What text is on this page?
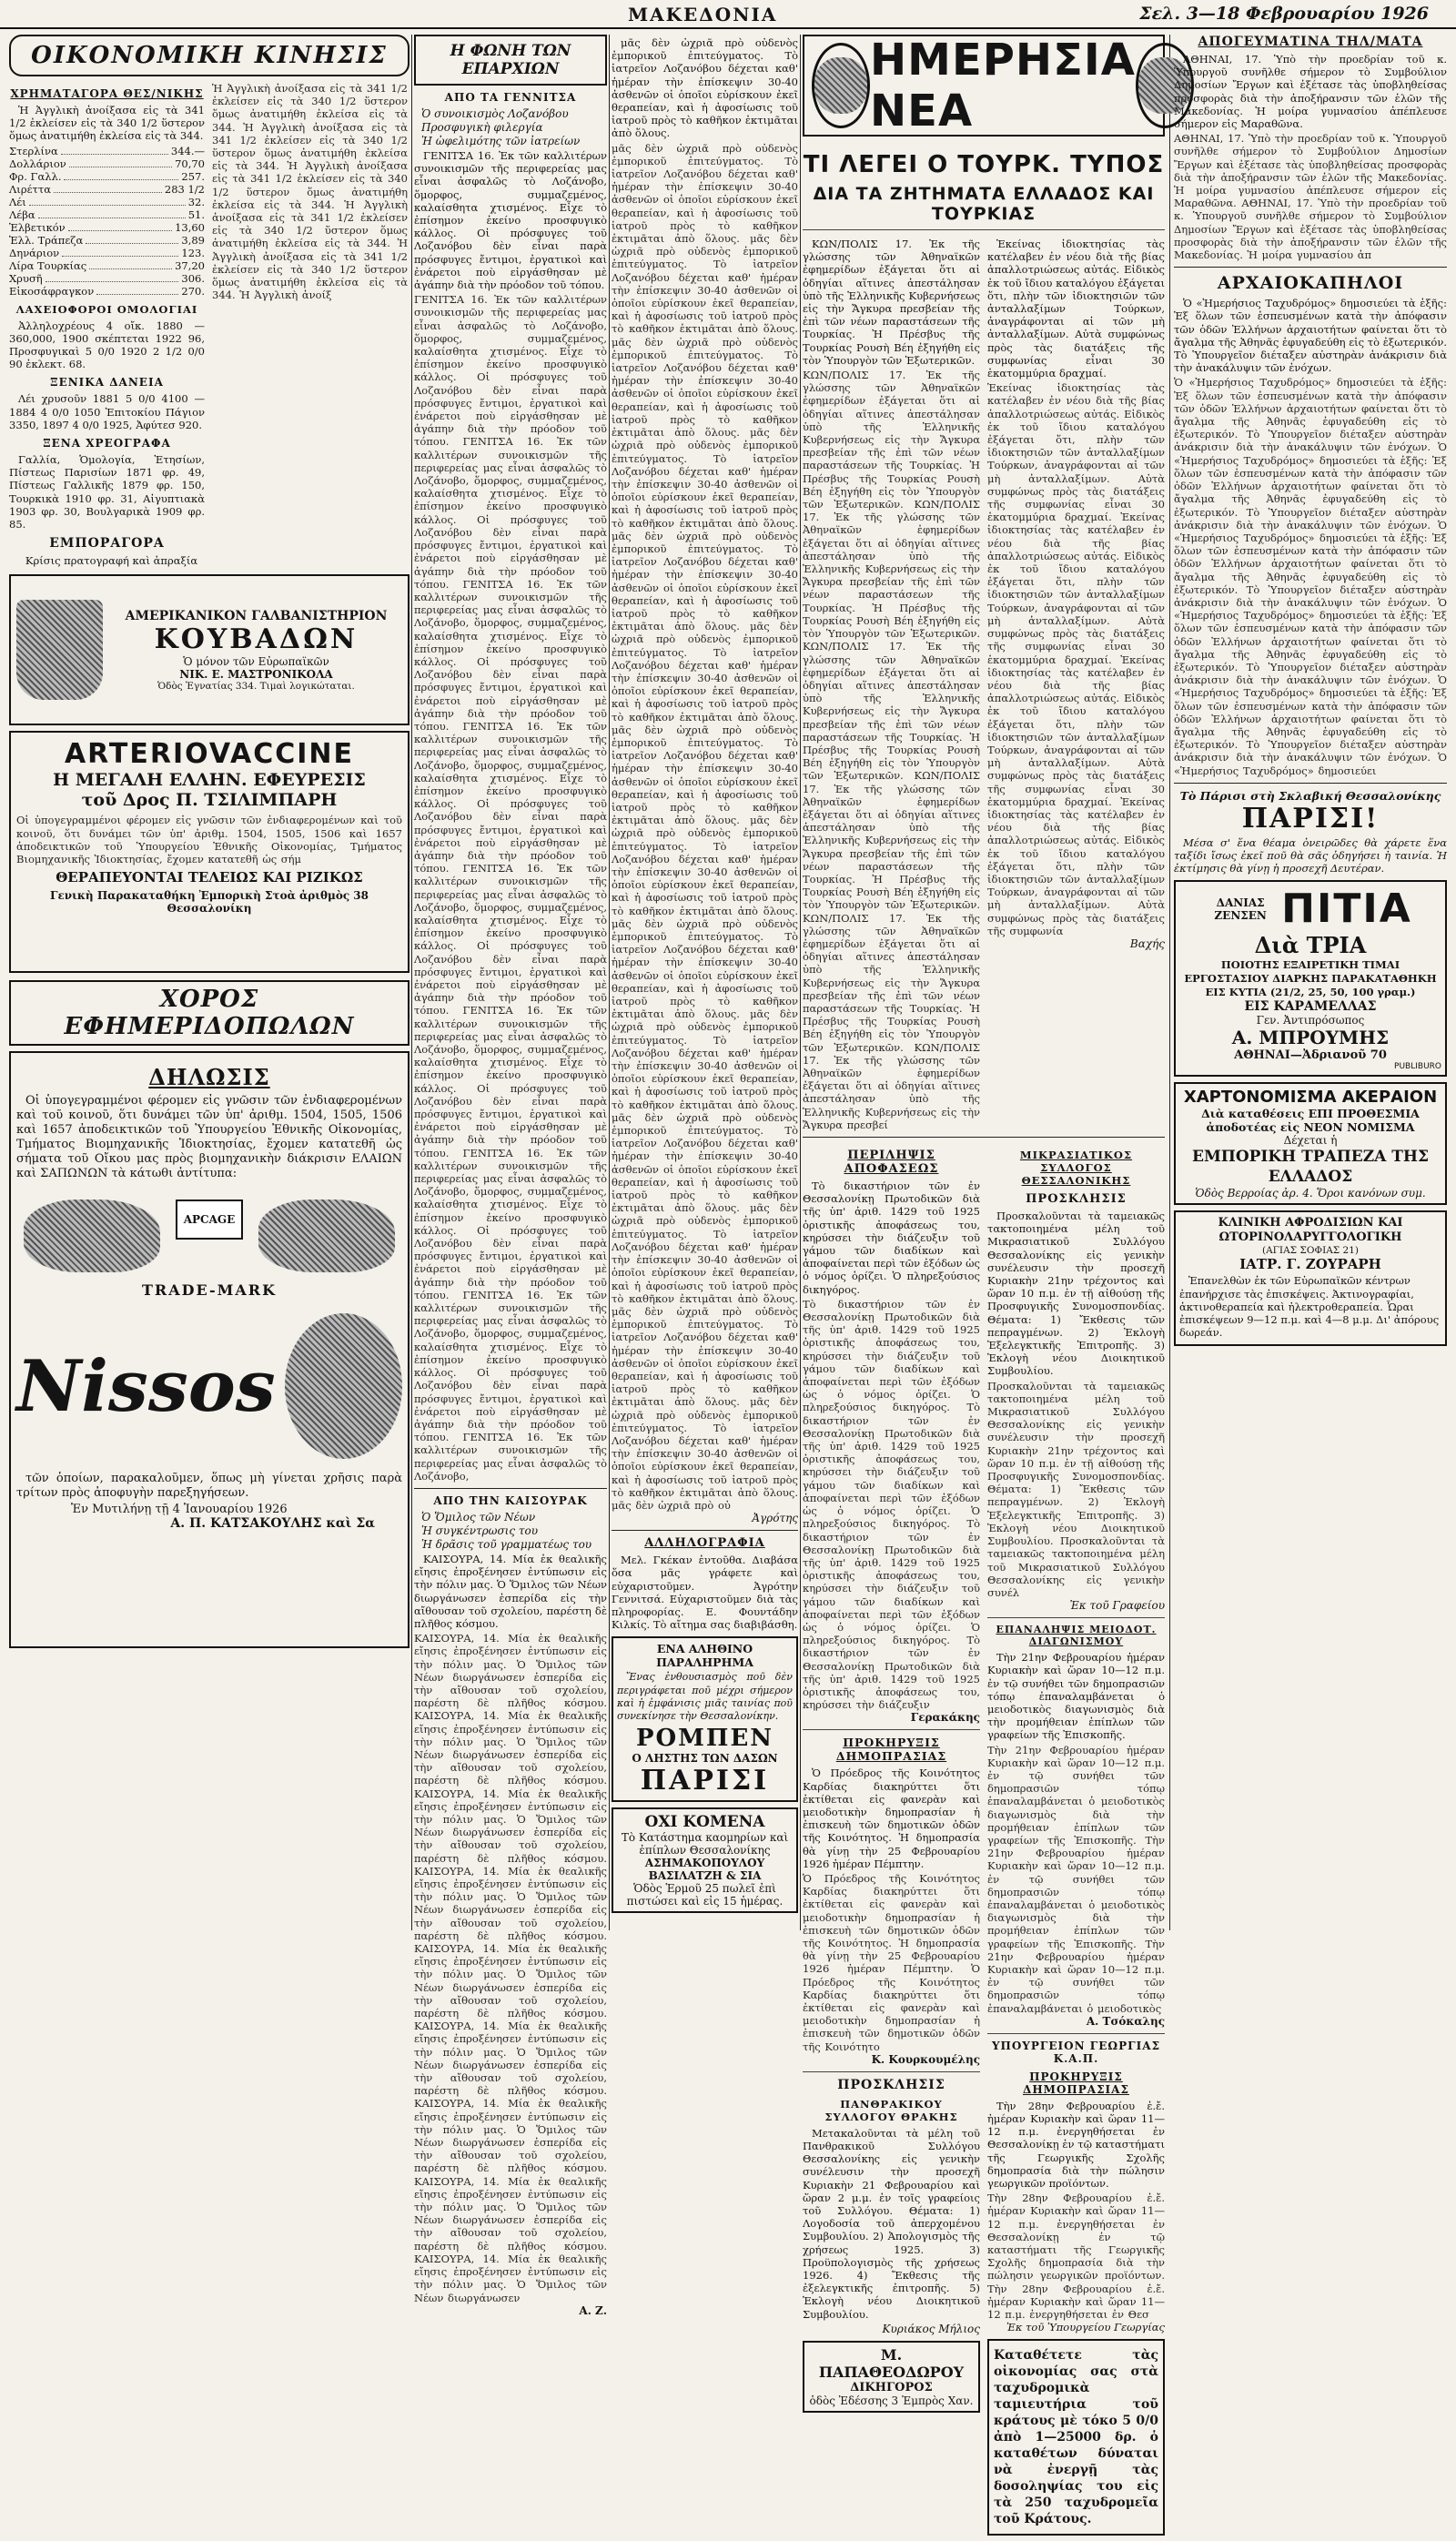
ΜΑΚΕΔΟΝΙΑ	Σελ. 3—18 Φεβρουαρίου 1926
ΟΙΚΟΝΟΜΙΚΗ ΚΙΝΗΣΙΣ
ΧΡΗΜΑΤΑΓΟΡΑ ΘΕΣ/ΝΙΚΗΣ

Ἡ Ἀγγλικὴ ἀνοίξασα εἰς τὰ 341 1/2 ἐκλείσεν εἰς τὰ 340 1/2 ὕστερον ὅμως ἀνατιμήθη ἐκλείσα εἰς τὰ 344.

Στερλίνα	344.—
Δολλάριον	70,70
Φρ. Γαλλ.	257.
Λιρέττα	283 1/2
Λέι	32.
Λέβα	51.
Ἐλβετικόν	13,60
Ἑλλ. Τράπεζα	3,89
Δηνάριον	123.
Λίρα Τουρκίας	37,20
Χρυσῆ	306.
Εἰκοσάφραγκον	270.
ΛΑΧΕΙΟΦΟΡΟΙ ΟΜΟΛΟΓΙΑΙ

Ἀλληλοχρέους 4 οἴκ. 1880 — 360,000, 1900 σκέπτεται 1922 96, Προσφυγικαὶ 5 0/0 1920 2 1/2 0/0 90 ἐκλεκτ. 68.

ΞΕΝΙΚΑ ΔΑΝΕΙΑ

Λέι χρυσοῦν 1881 5 0/0 4100 — 1884 4 0/0 1050 Ἐπιτοκίου Πάγιον 3350, 1897 4 0/0 1925, Ἀφύτεσ 920.

ΞΕΝΑ ΧΡΕΟΓΡΑΦΑ

Γαλλία, Ὁμολογία, Ἐτησίων, Πίστεως Παρισίων 1871 φρ. 49, Πίστεως Γαλλικῆς 1879 φρ. 150, Τουρκικὰ 1910 φρ. 31, Αἰγυπτιακὰ 1903 φρ. 30, Βουλγαρικὰ 1909 φρ. 85.

ΕΜΠΟΡΑΓΟΡΑ

Κρίσις πρατογραφή καὶ ἀπραξία

Ἡ Ἀγγλικὴ ἀνοίξασα εἰς τὰ 341 1/2 ἐκλείσεν εἰς τὰ 340 1/2 ὕστερον ὅμως ἀνατιμήθη ἐκλείσα εἰς τὰ 344. Ἡ Ἀγγλικὴ ἀνοίξασα εἰς τὰ 341 1/2 ἐκλείσεν εἰς τὰ 340 1/2 ὕστερον ὅμως ἀνατιμήθη ἐκλείσα εἰς τὰ 344. Ἡ Ἀγγλικὴ ἀνοίξασα εἰς τὰ 341 1/2 ἐκλείσεν εἰς τὰ 340 1/2 ὕστερον ὅμως ἀνατιμήθη ἐκλείσα εἰς τὰ 344. Ἡ Ἀγγλικὴ ἀνοίξασα εἰς τὰ 341 1/2 ἐκλείσεν εἰς τὰ 340 1/2 ὕστερον ὅμως ἀνατιμήθη ἐκλείσα εἰς τὰ 344. Ἡ Ἀγγλικὴ ἀνοίξασα εἰς τὰ 341 1/2 ἐκλείσεν εἰς τὰ 340 1/2 ὕστερον ὅμως ἀνατιμήθη ἐκλείσα εἰς τὰ 344. Ἡ Ἀγγλικὴ ἀνοίξ

ΑΜΕΡΙΚΑΝΙΚΟΝ ΓΑΛΒΑΝΙΣΤΗΡΙΟΝ
ΚΟΥΒΑΔΩΝ
Ὁ μόνον τῶν Εὐρωπαϊκῶν
ΝΙΚ. Ε. ΜΑΣΤΡΟΝΙΚΟΛΑ
Ὁδὸς Ἐγνατίας 334. Τιμαὶ λογικώταται.
ARTERIOVACCINE
Η ΜΕΓΑΛΗ ΕΛΛΗΝ. ΕΦΕΥΡΕΣΙΣ
τοῦ Δρος Π. ΤΣΙΛΙΜΠΑΡΗ

Οἱ ὑπογεγραμμένοι φέρομεν εἰς γνῶσιν τῶν ἐνδιαφερομένων καὶ τοῦ κοινοῦ, ὅτι δυνάμει τῶν ὑπ' ἀριθμ. 1504, 1505, 1506 καὶ 1657 ἀποδεικτικῶν τοῦ Ὑπουργείου Ἐθνικῆς Οἰκονομίας, Τμήματος Βιομηχανικῆς Ἰδιοκτησίας, ἔχομεν κατατεθῆ ὡς σήμ

ΘΕΡΑΠΕΥΟΝΤΑΙ ΤΕΛΕΙΩΣ ΚΑΙ ΡΙΖΙΚΩΣ
Γενικὴ Παρακαταθήκη Ἐμπορικὴ Στοὰ ἀριθμὸς 38 Θεσσαλονίκη
ΧΟΡΟΣ ΕΦΗΜΕΡΙΔΟΠΩΛΩΝ
ΔΗΛΩΣΙΣ

Οἱ ὑπογεγραμμένοι φέρομεν εἰς γνῶσιν τῶν ἐνδιαφερομένων καὶ τοῦ κοινοῦ, ὅτι δυνάμει τῶν ὑπ' ἀριθμ. 1504, 1505, 1506 καὶ 1657 ἀποδεικτικῶν τοῦ Ὑπουργείου Ἐθνικῆς Οἰκονομίας, Τμήματος Βιομηχανικῆς Ἰδιοκτησίας, ἔχομεν κατατεθῆ ὡς σήματα τοῦ Οἴκου μας πρὸς βιομηχανικὴν διάκρισιν ΕΛΑΙΩΝ καὶ ΣΑΠΩΝΩΝ τὰ κάτωθι ἀντίτυπα:

APCAGE
TRADE-MARK
Nissos

τῶν ὁποίων, παρακαλοῦμεν, ὅπως μὴ γίνεται χρῆσις παρὰ τρίτων πρὸς ἀποφυγὴν παρεξηγήσεων.

Ἐν Μυτιλήνῃ τῇ 4 Ἰανουαρίου 1926
Α. Π. ΚΑΤΣΑΚΟΥΛΗΣ καὶ Σα
Η ΦΩΝΗ ΤΩΝ ΕΠΑΡΧΙΩΝ
ΑΠΟ ΤΑ ΓΕΝΝΙΤΣΑ
Ὁ συνοικισμὸς Λοζανόβου
Προσφυγικὴ φιλεργία
Ἡ ὠφελιμότης τῶν ἰατρείων

ΓΕΝΙΤΣΑ 16. Ἐκ τῶν καλλιτέρων συνοικισμῶν τῆς περιφερείας μας εἶναι ἀσφαλῶς τὸ Λοζάνοβο, ὅμορφος, συμμαζεμένος, καλαίσθητα χτισμένος. Εἶχε τὸ ἐπίσημον ἐκείνο προσφυγικὸ κάλλος. Οἱ πρόσφυγες τοῦ Λοζανόβου δὲν εἶναι παρὰ πρόσφυγες ἔντιμοι, ἐργατικοὶ καὶ ἐνάρετοι ποὺ εἰργάσθησαν μὲ ἀγάπην διὰ τὴν πρόοδον τοῦ τόπου.

ΓΕΝΙΤΣΑ 16. Ἐκ τῶν καλλιτέρων συνοικισμῶν τῆς περιφερείας μας εἶναι ἀσφαλῶς τὸ Λοζάνοβο, ὅμορφος, συμμαζεμένος, καλαίσθητα χτισμένος. Εἶχε τὸ ἐπίσημον ἐκείνο προσφυγικὸ κάλλος. Οἱ πρόσφυγες τοῦ Λοζανόβου δὲν εἶναι παρὰ πρόσφυγες ἔντιμοι, ἐργατικοὶ καὶ ἐνάρετοι ποὺ εἰργάσθησαν μὲ ἀγάπην διὰ τὴν πρόοδον τοῦ τόπου. ΓΕΝΙΤΣΑ 16. Ἐκ τῶν καλλιτέρων συνοικισμῶν τῆς περιφερείας μας εἶναι ἀσφαλῶς τὸ Λοζάνοβο, ὅμορφος, συμμαζεμένος, καλαίσθητα χτισμένος. Εἶχε τὸ ἐπίσημον ἐκείνο προσφυγικὸ κάλλος. Οἱ πρόσφυγες τοῦ Λοζανόβου δὲν εἶναι παρὰ πρόσφυγες ἔντιμοι, ἐργατικοὶ καὶ ἐνάρετοι ποὺ εἰργάσθησαν μὲ ἀγάπην διὰ τὴν πρόοδον τοῦ τόπου. ΓΕΝΙΤΣΑ 16. Ἐκ τῶν καλλιτέρων συνοικισμῶν τῆς περιφερείας μας εἶναι ἀσφαλῶς τὸ Λοζάνοβο, ὅμορφος, συμμαζεμένος, καλαίσθητα χτισμένος. Εἶχε τὸ ἐπίσημον ἐκείνο προσφυγικὸ κάλλος. Οἱ πρόσφυγες τοῦ Λοζανόβου δὲν εἶναι παρὰ πρόσφυγες ἔντιμοι, ἐργατικοὶ καὶ ἐνάρετοι ποὺ εἰργάσθησαν μὲ ἀγάπην διὰ τὴν πρόοδον τοῦ τόπου. ΓΕΝΙΤΣΑ 16. Ἐκ τῶν καλλιτέρων συνοικισμῶν τῆς περιφερείας μας εἶναι ἀσφαλῶς τὸ Λοζάνοβο, ὅμορφος, συμμαζεμένος, καλαίσθητα χτισμένος. Εἶχε τὸ ἐπίσημον ἐκείνο προσφυγικὸ κάλλος. Οἱ πρόσφυγες τοῦ Λοζανόβου δὲν εἶναι παρὰ πρόσφυγες ἔντιμοι, ἐργατικοὶ καὶ ἐνάρετοι ποὺ εἰργάσθησαν μὲ ἀγάπην διὰ τὴν πρόοδον τοῦ τόπου. ΓΕΝΙΤΣΑ 16. Ἐκ τῶν καλλιτέρων συνοικισμῶν τῆς περιφερείας μας εἶναι ἀσφαλῶς τὸ Λοζάνοβο, ὅμορφος, συμμαζεμένος, καλαίσθητα χτισμένος. Εἶχε τὸ ἐπίσημον ἐκείνο προσφυγικὸ κάλλος. Οἱ πρόσφυγες τοῦ Λοζανόβου δὲν εἶναι παρὰ πρόσφυγες ἔντιμοι, ἐργατικοὶ καὶ ἐνάρετοι ποὺ εἰργάσθησαν μὲ ἀγάπην διὰ τὴν πρόοδον τοῦ τόπου. ΓΕΝΙΤΣΑ 16. Ἐκ τῶν καλλιτέρων συνοικισμῶν τῆς περιφερείας μας εἶναι ἀσφαλῶς τὸ Λοζάνοβο, ὅμορφος, συμμαζεμένος, καλαίσθητα χτισμένος. Εἶχε τὸ ἐπίσημον ἐκείνο προσφυγικὸ κάλλος. Οἱ πρόσφυγες τοῦ Λοζανόβου δὲν εἶναι παρὰ πρόσφυγες ἔντιμοι, ἐργατικοὶ καὶ ἐνάρετοι ποὺ εἰργάσθησαν μὲ ἀγάπην διὰ τὴν πρόοδον τοῦ τόπου. ΓΕΝΙΤΣΑ 16. Ἐκ τῶν καλλιτέρων συνοικισμῶν τῆς περιφερείας μας εἶναι ἀσφαλῶς τὸ Λοζάνοβο, ὅμορφος, συμμαζεμένος, καλαίσθητα χτισμένος. Εἶχε τὸ ἐπίσημον ἐκείνο προσφυγικὸ κάλλος. Οἱ πρόσφυγες τοῦ Λοζανόβου δὲν εἶναι παρὰ πρόσφυγες ἔντιμοι, ἐργατικοὶ καὶ ἐνάρετοι ποὺ εἰργάσθησαν μὲ ἀγάπην διὰ τὴν πρόοδον τοῦ τόπου. ΓΕΝΙΤΣΑ 16. Ἐκ τῶν καλλιτέρων συνοικισμῶν τῆς περιφερείας μας εἶναι ἀσφαλῶς τὸ Λοζάνοβο, ὅμορφος, συμμαζεμένος, καλαίσθητα χτισμένος. Εἶχε τὸ ἐπίσημον ἐκείνο προσφυγικὸ κάλλος. Οἱ πρόσφυγες τοῦ Λοζανόβου δὲν εἶναι παρὰ πρόσφυγες ἔντιμοι, ἐργατικοὶ καὶ ἐνάρετοι ποὺ εἰργάσθησαν μὲ ἀγάπην διὰ τὴν πρόοδον τοῦ τόπου. ΓΕΝΙΤΣΑ 16. Ἐκ τῶν καλλιτέρων συνοικισμῶν τῆς περιφερείας μας εἶναι ἀσφαλῶς τὸ Λοζάνοβο,

ΑΠΟ ΤΗΝ ΚΑΙΣΟΥΡΑΚ
Ὁ Ὅμιλος τῶν Νέων
Ἡ συγκέντρωσις του
Ἡ δρᾶσις τοῦ γραμματέως του

ΚΑΙΣΟΥΡΑ, 14. Μία ἐκ θεαλικῆς εἴησις ἐπροξένησεν ἐντύπωσιν εἰς τὴν πόλιν μας. Ὁ Ὅμιλος τῶν Νέων διωργάνωσεν ἐσπερίδα εἰς τὴν αἴθουσαν τοῦ σχολείου, παρέστη δὲ πλῆθος κόσμου.

ΚΑΙΣΟΥΡΑ, 14. Μία ἐκ θεαλικῆς εἴησις ἐπροξένησεν ἐντύπωσιν εἰς τὴν πόλιν μας. Ὁ Ὅμιλος τῶν Νέων διωργάνωσεν ἐσπερίδα εἰς τὴν αἴθουσαν τοῦ σχολείου, παρέστη δὲ πλῆθος κόσμου. ΚΑΙΣΟΥΡΑ, 14. Μία ἐκ θεαλικῆς εἴησις ἐπροξένησεν ἐντύπωσιν εἰς τὴν πόλιν μας. Ὁ Ὅμιλος τῶν Νέων διωργάνωσεν ἐσπερίδα εἰς τὴν αἴθουσαν τοῦ σχολείου, παρέστη δὲ πλῆθος κόσμου. ΚΑΙΣΟΥΡΑ, 14. Μία ἐκ θεαλικῆς εἴησις ἐπροξένησεν ἐντύπωσιν εἰς τὴν πόλιν μας. Ὁ Ὅμιλος τῶν Νέων διωργάνωσεν ἐσπερίδα εἰς τὴν αἴθουσαν τοῦ σχολείου, παρέστη δὲ πλῆθος κόσμου. ΚΑΙΣΟΥΡΑ, 14. Μία ἐκ θεαλικῆς εἴησις ἐπροξένησεν ἐντύπωσιν εἰς τὴν πόλιν μας. Ὁ Ὅμιλος τῶν Νέων διωργάνωσεν ἐσπερίδα εἰς τὴν αἴθουσαν τοῦ σχολείου, παρέστη δὲ πλῆθος κόσμου. ΚΑΙΣΟΥΡΑ, 14. Μία ἐκ θεαλικῆς εἴησις ἐπροξένησεν ἐντύπωσιν εἰς τὴν πόλιν μας. Ὁ Ὅμιλος τῶν Νέων διωργάνωσεν ἐσπερίδα εἰς τὴν αἴθουσαν τοῦ σχολείου, παρέστη δὲ πλῆθος κόσμου. ΚΑΙΣΟΥΡΑ, 14. Μία ἐκ θεαλικῆς εἴησις ἐπροξένησεν ἐντύπωσιν εἰς τὴν πόλιν μας. Ὁ Ὅμιλος τῶν Νέων διωργάνωσεν ἐσπερίδα εἰς τὴν αἴθουσαν τοῦ σχολείου, παρέστη δὲ πλῆθος κόσμου. ΚΑΙΣΟΥΡΑ, 14. Μία ἐκ θεαλικῆς εἴησις ἐπροξένησεν ἐντύπωσιν εἰς τὴν πόλιν μας. Ὁ Ὅμιλος τῶν Νέων διωργάνωσεν ἐσπερίδα εἰς τὴν αἴθουσαν τοῦ σχολείου, παρέστη δὲ πλῆθος κόσμου. ΚΑΙΣΟΥΡΑ, 14. Μία ἐκ θεαλικῆς εἴησις ἐπροξένησεν ἐντύπωσιν εἰς τὴν πόλιν μας. Ὁ Ὅμιλος τῶν Νέων διωργάνωσεν ἐσπερίδα εἰς τὴν αἴθουσαν τοῦ σχολείου, παρέστη δὲ πλῆθος κόσμου. ΚΑΙΣΟΥΡΑ, 14. Μία ἐκ θεαλικῆς εἴησις ἐπροξένησεν ἐντύπωσιν εἰς τὴν πόλιν μας. Ὁ Ὅμιλος τῶν Νέων διωργάνωσεν

Α. Ζ.

μᾶς δὲν ὠχριᾶ πρὸ οὐδενὸς ἐμπορικοῦ ἐπιτεύγματος. Τὸ ἰατρεῖον Λοζανόβου δέχεται καθ' ἡμέραν τὴν ἐπίσκεψιν 30-40 ἀσθενῶν οἱ ὁποῖοι εὑρίσκουν ἐκεῖ θεραπείαν, καὶ ἡ ἀφοσίωσις τοῦ ἰατροῦ πρὸς τὸ καθῆκον ἐκτιμᾶται ἀπὸ ὅλους.

μᾶς δὲν ὠχριᾶ πρὸ οὐδενὸς ἐμπορικοῦ ἐπιτεύγματος. Τὸ ἰατρεῖον Λοζανόβου δέχεται καθ' ἡμέραν τὴν ἐπίσκεψιν 30-40 ἀσθενῶν οἱ ὁποῖοι εὑρίσκουν ἐκεῖ θεραπείαν, καὶ ἡ ἀφοσίωσις τοῦ ἰατροῦ πρὸς τὸ καθῆκον ἐκτιμᾶται ἀπὸ ὅλους. μᾶς δὲν ὠχριᾶ πρὸ οὐδενὸς ἐμπορικοῦ ἐπιτεύγματος. Τὸ ἰατρεῖον Λοζανόβου δέχεται καθ' ἡμέραν τὴν ἐπίσκεψιν 30-40 ἀσθενῶν οἱ ὁποῖοι εὑρίσκουν ἐκεῖ θεραπείαν, καὶ ἡ ἀφοσίωσις τοῦ ἰατροῦ πρὸς τὸ καθῆκον ἐκτιμᾶται ἀπὸ ὅλους. μᾶς δὲν ὠχριᾶ πρὸ οὐδενὸς ἐμπορικοῦ ἐπιτεύγματος. Τὸ ἰατρεῖον Λοζανόβου δέχεται καθ' ἡμέραν τὴν ἐπίσκεψιν 30-40 ἀσθενῶν οἱ ὁποῖοι εὑρίσκουν ἐκεῖ θεραπείαν, καὶ ἡ ἀφοσίωσις τοῦ ἰατροῦ πρὸς τὸ καθῆκον ἐκτιμᾶται ἀπὸ ὅλους. μᾶς δὲν ὠχριᾶ πρὸ οὐδενὸς ἐμπορικοῦ ἐπιτεύγματος. Τὸ ἰατρεῖον Λοζανόβου δέχεται καθ' ἡμέραν τὴν ἐπίσκεψιν 30-40 ἀσθενῶν οἱ ὁποῖοι εὑρίσκουν ἐκεῖ θεραπείαν, καὶ ἡ ἀφοσίωσις τοῦ ἰατροῦ πρὸς τὸ καθῆκον ἐκτιμᾶται ἀπὸ ὅλους. μᾶς δὲν ὠχριᾶ πρὸ οὐδενὸς ἐμπορικοῦ ἐπιτεύγματος. Τὸ ἰατρεῖον Λοζανόβου δέχεται καθ' ἡμέραν τὴν ἐπίσκεψιν 30-40 ἀσθενῶν οἱ ὁποῖοι εὑρίσκουν ἐκεῖ θεραπείαν, καὶ ἡ ἀφοσίωσις τοῦ ἰατροῦ πρὸς τὸ καθῆκον ἐκτιμᾶται ἀπὸ ὅλους. μᾶς δὲν ὠχριᾶ πρὸ οὐδενὸς ἐμπορικοῦ ἐπιτεύγματος. Τὸ ἰατρεῖον Λοζανόβου δέχεται καθ' ἡμέραν τὴν ἐπίσκεψιν 30-40 ἀσθενῶν οἱ ὁποῖοι εὑρίσκουν ἐκεῖ θεραπείαν, καὶ ἡ ἀφοσίωσις τοῦ ἰατροῦ πρὸς τὸ καθῆκον ἐκτιμᾶται ἀπὸ ὅλους. μᾶς δὲν ὠχριᾶ πρὸ οὐδενὸς ἐμπορικοῦ ἐπιτεύγματος. Τὸ ἰατρεῖον Λοζανόβου δέχεται καθ' ἡμέραν τὴν ἐπίσκεψιν 30-40 ἀσθενῶν οἱ ὁποῖοι εὑρίσκουν ἐκεῖ θεραπείαν, καὶ ἡ ἀφοσίωσις τοῦ ἰατροῦ πρὸς τὸ καθῆκον ἐκτιμᾶται ἀπὸ ὅλους. μᾶς δὲν ὠχριᾶ πρὸ οὐδενὸς ἐμπορικοῦ ἐπιτεύγματος. Τὸ ἰατρεῖον Λοζανόβου δέχεται καθ' ἡμέραν τὴν ἐπίσκεψιν 30-40 ἀσθενῶν οἱ ὁποῖοι εὑρίσκουν ἐκεῖ θεραπείαν, καὶ ἡ ἀφοσίωσις τοῦ ἰατροῦ πρὸς τὸ καθῆκον ἐκτιμᾶται ἀπὸ ὅλους. μᾶς δὲν ὠχριᾶ πρὸ οὐδενὸς ἐμπορικοῦ ἐπιτεύγματος. Τὸ ἰατρεῖον Λοζανόβου δέχεται καθ' ἡμέραν τὴν ἐπίσκεψιν 30-40 ἀσθενῶν οἱ ὁποῖοι εὑρίσκουν ἐκεῖ θεραπείαν, καὶ ἡ ἀφοσίωσις τοῦ ἰατροῦ πρὸς τὸ καθῆκον ἐκτιμᾶται ἀπὸ ὅλους. μᾶς δὲν ὠχριᾶ πρὸ οὐδενὸς ἐμπορικοῦ ἐπιτεύγματος. Τὸ ἰατρεῖον Λοζανόβου δέχεται καθ' ἡμέραν τὴν ἐπίσκεψιν 30-40 ἀσθενῶν οἱ ὁποῖοι εὑρίσκουν ἐκεῖ θεραπείαν, καὶ ἡ ἀφοσίωσις τοῦ ἰατροῦ πρὸς τὸ καθῆκον ἐκτιμᾶται ἀπὸ ὅλους. μᾶς δὲν ὠχριᾶ πρὸ οὐδενὸς ἐμπορικοῦ ἐπιτεύγματος. Τὸ ἰατρεῖον Λοζανόβου δέχεται καθ' ἡμέραν τὴν ἐπίσκεψιν 30-40 ἀσθενῶν οἱ ὁποῖοι εὑρίσκουν ἐκεῖ θεραπείαν, καὶ ἡ ἀφοσίωσις τοῦ ἰατροῦ πρὸς τὸ καθῆκον ἐκτιμᾶται ἀπὸ ὅλους. μᾶς δὲν ὠχριᾶ πρὸ οὐδενὸς ἐμπορικοῦ ἐπιτεύγματος. Τὸ ἰατρεῖον Λοζανόβου δέχεται καθ' ἡμέραν τὴν ἐπίσκεψιν 30-40 ἀσθενῶν οἱ ὁποῖοι εὑρίσκουν ἐκεῖ θεραπείαν, καὶ ἡ ἀφοσίωσις τοῦ ἰατροῦ πρὸς τὸ καθῆκον ἐκτιμᾶται ἀπὸ ὅλους. μᾶς δὲν ὠχριᾶ πρὸ οὐδενὸς ἐμπορικοῦ ἐπιτεύγματος. Τὸ ἰατρεῖον Λοζανόβου δέχεται καθ' ἡμέραν τὴν ἐπίσκεψιν 30-40 ἀσθενῶν οἱ ὁποῖοι εὑρίσκουν ἐκεῖ θεραπείαν, καὶ ἡ ἀφοσίωσις τοῦ ἰατροῦ πρὸς τὸ καθῆκον ἐκτιμᾶται ἀπὸ ὅλους. μᾶς δὲν ὠχριᾶ πρὸ οὐδενὸς ἐμπορικοῦ ἐπιτεύγματος. Τὸ ἰατρεῖον Λοζανόβου δέχεται καθ' ἡμέραν τὴν ἐπίσκεψιν 30-40 ἀσθενῶν οἱ ὁποῖοι εὑρίσκουν ἐκεῖ θεραπείαν, καὶ ἡ ἀφοσίωσις τοῦ ἰατροῦ πρὸς τὸ καθῆκον ἐκτιμᾶται ἀπὸ ὅλους. μᾶς δὲν ὠχριᾶ πρὸ οὐ

Ἀγρότης
ΑΛΛΗΛΟΓΡΑΦΙΑ

Μελ. Γκέκαν ἐντοῦθα. Διαβάσα ὅσα μᾶς γράφετε καὶ εὐχαριστοῦμεν. Ἀγρότην Γεννιτσά. Εὐχαριστοῦμεν διὰ τὰς πληροφορίας. Ε. Φουντάδην Κιλκίς. Τὸ αἴτημα σας διαβιβάσθη.

ΕΝΑ ΑΛΗΘΙΝΟ ΠΑΡΑΛΗΡΗΜΑ

Ἕνας ἐνθουσιασμὸς ποῦ δὲν περιγράφεται ποῦ μέχρι σήμερον καὶ ἡ ἐμφάνισις μιᾶς ταινίας ποῦ συνεκίνησε τὴν Θεσσαλονίκην.

ΡΟΜΠΕΝ
Ο ΛΗΣΤΗΣ ΤΩΝ ΔΑΣΩΝ
ΠΑΡΙΣΙ
ΟΧΙ ΚΟΜΕΝΑ
Τὸ Κατάστημα καομηρίων καὶ ἐπίπλων Θεσσαλονίκης
ΑΣΗΜΑΚΟΠΟΥΛΟΥ ΒΑΣΙΛΑΤΖΗ & ΣΙΑ
Ὁδὸς Ἑρμοῦ 25 πωλεῖ ἐπὶ πιστώσει καὶ εἰς 15 ἡμέρας.
ΗΜΕΡΗΣΙΑ ΝΕΑ
ΤΙ ΛΕΓΕΙ Ο ΤΟΥΡΚ. ΤΥΠΟΣ
ΔΙΑ ΤΑ ΖΗΤΗΜΑΤΑ ΕΛΛΑΔΟΣ ΚΑΙ ΤΟΥΡΚΙΑΣ

ΚΩΝ/ΠΟΛΙΣ 17. Ἐκ τῆς γλώσσης τῶν Ἀθηναϊκῶν ἐφημερίδων ἐξάγεται ὅτι αἱ ὁδηγίαι αἵτινες ἀπεστάλησαν ὑπὸ τῆς Ἑλληνικῆς Κυβερνήσεως εἰς τὴν Ἄγκυρα πρεσβείαν τῆς ἐπὶ τῶν νέων παραστάσεων τῆς Τουρκίας. Ἠ Πρέσβυς τῆς Τουρκίας Ρουσὴ Βέη ἐξηγήθη εἰς τὸν Ὑπουργὸν τῶν Ἐξωτερικῶν.

ΚΩΝ/ΠΟΛΙΣ 17. Ἐκ τῆς γλώσσης τῶν Ἀθηναϊκῶν ἐφημερίδων ἐξάγεται ὅτι αἱ ὁδηγίαι αἵτινες ἀπεστάλησαν ὑπὸ τῆς Ἑλληνικῆς Κυβερνήσεως εἰς τὴν Ἄγκυρα πρεσβείαν τῆς ἐπὶ τῶν νέων παραστάσεων τῆς Τουρκίας. Ἠ Πρέσβυς τῆς Τουρκίας Ρουσὴ Βέη ἐξηγήθη εἰς τὸν Ὑπουργὸν τῶν Ἐξωτερικῶν. ΚΩΝ/ΠΟΛΙΣ 17. Ἐκ τῆς γλώσσης τῶν Ἀθηναϊκῶν ἐφημερίδων ἐξάγεται ὅτι αἱ ὁδηγίαι αἵτινες ἀπεστάλησαν ὑπὸ τῆς Ἑλληνικῆς Κυβερνήσεως εἰς τὴν Ἄγκυρα πρεσβείαν τῆς ἐπὶ τῶν νέων παραστάσεων τῆς Τουρκίας. Ἠ Πρέσβυς τῆς Τουρκίας Ρουσὴ Βέη ἐξηγήθη εἰς τὸν Ὑπουργὸν τῶν Ἐξωτερικῶν. ΚΩΝ/ΠΟΛΙΣ 17. Ἐκ τῆς γλώσσης τῶν Ἀθηναϊκῶν ἐφημερίδων ἐξάγεται ὅτι αἱ ὁδηγίαι αἵτινες ἀπεστάλησαν ὑπὸ τῆς Ἑλληνικῆς Κυβερνήσεως εἰς τὴν Ἄγκυρα πρεσβείαν τῆς ἐπὶ τῶν νέων παραστάσεων τῆς Τουρκίας. Ἠ Πρέσβυς τῆς Τουρκίας Ρουσὴ Βέη ἐξηγήθη εἰς τὸν Ὑπουργὸν τῶν Ἐξωτερικῶν. ΚΩΝ/ΠΟΛΙΣ 17. Ἐκ τῆς γλώσσης τῶν Ἀθηναϊκῶν ἐφημερίδων ἐξάγεται ὅτι αἱ ὁδηγίαι αἵτινες ἀπεστάλησαν ὑπὸ τῆς Ἑλληνικῆς Κυβερνήσεως εἰς τὴν Ἄγκυρα πρεσβείαν τῆς ἐπὶ τῶν νέων παραστάσεων τῆς Τουρκίας. Ἠ Πρέσβυς τῆς Τουρκίας Ρουσὴ Βέη ἐξηγήθη εἰς τὸν Ὑπουργὸν τῶν Ἐξωτερικῶν. ΚΩΝ/ΠΟΛΙΣ 17. Ἐκ τῆς γλώσσης τῶν Ἀθηναϊκῶν ἐφημερίδων ἐξάγεται ὅτι αἱ ὁδηγίαι αἵτινες ἀπεστάλησαν ὑπὸ τῆς Ἑλληνικῆς Κυβερνήσεως εἰς τὴν Ἄγκυρα πρεσβείαν τῆς ἐπὶ τῶν νέων παραστάσεων τῆς Τουρκίας. Ἠ Πρέσβυς τῆς Τουρκίας Ρουσὴ Βέη ἐξηγήθη εἰς τὸν Ὑπουργὸν τῶν Ἐξωτερικῶν. ΚΩΝ/ΠΟΛΙΣ 17. Ἐκ τῆς γλώσσης τῶν Ἀθηναϊκῶν ἐφημερίδων ἐξάγεται ὅτι αἱ ὁδηγίαι αἵτινες ἀπεστάλησαν ὑπὸ τῆς Ἑλληνικῆς Κυβερνήσεως εἰς τὴν Ἄγκυρα πρεσβεί

Ἐκείνας ἰδιοκτησίας τὰς κατέλαβεν ἐν νέου διὰ τῆς βίας ἀπαλλοτριώσεως αὐτάς. Εἰδικὸς ἐκ τοῦ ἴδιου καταλόγου ἐξάγεται ὅτι, πλὴν τῶν ἰδιοκτησιῶν τῶν ἀνταλλαξίμων Τούρκων, ἀναγράφονται αἱ τῶν μὴ ἀνταλλαξίμων. Αὐτὰ συμφώνως πρὸς τὰς διατάξεις τῆς συμφωνίας εἶναι 30 ἑκατομμύρια δραχμαί.

Ἐκείνας ἰδιοκτησίας τὰς κατέλαβεν ἐν νέου διὰ τῆς βίας ἀπαλλοτριώσεως αὐτάς. Εἰδικὸς ἐκ τοῦ ἴδιου καταλόγου ἐξάγεται ὅτι, πλὴν τῶν ἰδιοκτησιῶν τῶν ἀνταλλαξίμων Τούρκων, ἀναγράφονται αἱ τῶν μὴ ἀνταλλαξίμων. Αὐτὰ συμφώνως πρὸς τὰς διατάξεις τῆς συμφωνίας εἶναι 30 ἑκατομμύρια δραχμαί. Ἐκείνας ἰδιοκτησίας τὰς κατέλαβεν ἐν νέου διὰ τῆς βίας ἀπαλλοτριώσεως αὐτάς. Εἰδικὸς ἐκ τοῦ ἴδιου καταλόγου ἐξάγεται ὅτι, πλὴν τῶν ἰδιοκτησιῶν τῶν ἀνταλλαξίμων Τούρκων, ἀναγράφονται αἱ τῶν μὴ ἀνταλλαξίμων. Αὐτὰ συμφώνως πρὸς τὰς διατάξεις τῆς συμφωνίας εἶναι 30 ἑκατομμύρια δραχμαί. Ἐκείνας ἰδιοκτησίας τὰς κατέλαβεν ἐν νέου διὰ τῆς βίας ἀπαλλοτριώσεως αὐτάς. Εἰδικὸς ἐκ τοῦ ἴδιου καταλόγου ἐξάγεται ὅτι, πλὴν τῶν ἰδιοκτησιῶν τῶν ἀνταλλαξίμων Τούρκων, ἀναγράφονται αἱ τῶν μὴ ἀνταλλαξίμων. Αὐτὰ συμφώνως πρὸς τὰς διατάξεις τῆς συμφωνίας εἶναι 30 ἑκατομμύρια δραχμαί. Ἐκείνας ἰδιοκτησίας τὰς κατέλαβεν ἐν νέου διὰ τῆς βίας ἀπαλλοτριώσεως αὐτάς. Εἰδικὸς ἐκ τοῦ ἴδιου καταλόγου ἐξάγεται ὅτι, πλὴν τῶν ἰδιοκτησιῶν τῶν ἀνταλλαξίμων Τούρκων, ἀναγράφονται αἱ τῶν μὴ ἀνταλλαξίμων. Αὐτὰ συμφώνως πρὸς τὰς διατάξεις τῆς συμφωνία

Βαχής
ΠΕΡΙΛΗΨΙΣ ΑΠΟΦΑΣΕΩΣ

Τὸ δικαστήριον τῶν ἐν Θεσσαλονίκῃ Πρωτοδικῶν διὰ τῆς ὑπ' ἀριθ. 1429 τοῦ 1925 ὁριστικῆς ἀποφάσεως του, κηρύσσει τὴν διάζευξιν τοῦ γάμου τῶν διαδίκων καὶ ἀποφαίνεται περὶ τῶν ἐξόδων ὡς ὁ νόμος ὁρίζει. Ὁ πληρεξούσιος δικηγόρος.

Τὸ δικαστήριον τῶν ἐν Θεσσαλονίκῃ Πρωτοδικῶν διὰ τῆς ὑπ' ἀριθ. 1429 τοῦ 1925 ὁριστικῆς ἀποφάσεως του, κηρύσσει τὴν διάζευξιν τοῦ γάμου τῶν διαδίκων καὶ ἀποφαίνεται περὶ τῶν ἐξόδων ὡς ὁ νόμος ὁρίζει. Ὁ πληρεξούσιος δικηγόρος. Τὸ δικαστήριον τῶν ἐν Θεσσαλονίκῃ Πρωτοδικῶν διὰ τῆς ὑπ' ἀριθ. 1429 τοῦ 1925 ὁριστικῆς ἀποφάσεως του, κηρύσσει τὴν διάζευξιν τοῦ γάμου τῶν διαδίκων καὶ ἀποφαίνεται περὶ τῶν ἐξόδων ὡς ὁ νόμος ὁρίζει. Ὁ πληρεξούσιος δικηγόρος. Τὸ δικαστήριον τῶν ἐν Θεσσαλονίκῃ Πρωτοδικῶν διὰ τῆς ὑπ' ἀριθ. 1429 τοῦ 1925 ὁριστικῆς ἀποφάσεως του, κηρύσσει τὴν διάζευξιν τοῦ γάμου τῶν διαδίκων καὶ ἀποφαίνεται περὶ τῶν ἐξόδων ὡς ὁ νόμος ὁρίζει. Ὁ πληρεξούσιος δικηγόρος. Τὸ δικαστήριον τῶν ἐν Θεσσαλονίκῃ Πρωτοδικῶν διὰ τῆς ὑπ' ἀριθ. 1429 τοῦ 1925 ὁριστικῆς ἀποφάσεως του, κηρύσσει τὴν διάζευξιν

Γερακάκης
ΠΡΟΚΗΡΥΞΙΣ ΔΗΜΟΠΡΑΣΙΑΣ

Ὁ Πρόεδρος τῆς Κοινότητος Καρδίας διακηρύττει ὅτι ἐκτίθεται εἰς φανερὰν καὶ μειοδοτικὴν δημοπρασίαν ἡ ἐπισκευὴ τῶν δημοτικῶν ὁδῶν τῆς Κοινότητος. Ἡ δημοπρασία θὰ γίνῃ τὴν 25 Φεβρουαρίου 1926 ἡμέραν Πέμπτην.

Ὁ Πρόεδρος τῆς Κοινότητος Καρδίας διακηρύττει ὅτι ἐκτίθεται εἰς φανερὰν καὶ μειοδοτικὴν δημοπρασίαν ἡ ἐπισκευὴ τῶν δημοτικῶν ὁδῶν τῆς Κοινότητος. Ἡ δημοπρασία θὰ γίνῃ τὴν 25 Φεβρουαρίου 1926 ἡμέραν Πέμπτην. Ὁ Πρόεδρος τῆς Κοινότητος Καρδίας διακηρύττει ὅτι ἐκτίθεται εἰς φανερὰν καὶ μειοδοτικὴν δημοπρασίαν ἡ ἐπισκευὴ τῶν δημοτικῶν ὁδῶν τῆς Κοινότητο

Κ. Κουρκουμέλης
ΠΡΟΣΚΛΗΣΙΣ
ΠΑΝΘΡΑΚΙΚΟΥ ΣΥΛΛΟΓΟΥ ΘΡΑΚΗΣ

Μετακαλοῦνται τὰ μέλη τοῦ Πανθρακικοῦ Συλλόγου Θεσσαλονίκης εἰς γενικὴν συνέλευσιν τὴν προσεχῆ Κυριακὴν 21 Φεβρουαρίου καὶ ὥραν 2 μ.μ. ἐν τοῖς γραφείοις τοῦ Συλλόγου. Θέματα: 1) Λογοδοσία τοῦ ἀπερχομένου Συμβουλίου. 2) Ἀπολογισμὸς τῆς χρήσεως 1925. 3) Προϋπολογισμὸς τῆς χρήσεως 1926. 4) Ἔκθεσις τῆς ἐξελεγκτικῆς ἐπιτροπῆς. 5) Ἐκλογὴ νέου Διοικητικοῦ Συμβουλίου.

Κυριάκος Μήλιος
Μ. ΠΑΠΑΘΕΟΔΩΡΟΥ
ΔΙΚΗΓΟΡΟΣ
ὁδὸς Ἐδέσσης 3 Ἐμπρὸς Χαν.
ΜΙΚΡΑΣΙΑΤΙΚΟΣ ΣΥΛΛΟΓΟΣ ΘΕΣΣΑΛΟΝΙΚΗΣ
ΠΡΟΣΚΛΗΣΙΣ

Προσκαλοῦνται τὰ ταμειακῶς τακτοποιημένα μέλη τοῦ Μικρασιατικοῦ Συλλόγου Θεσσαλονίκης εἰς γενικὴν συνέλευσιν τὴν προσεχῆ Κυριακὴν 21ην τρέχοντος καὶ ὥραν 10 π.μ. ἐν τῇ αἰθούσῃ τῆς Προσφυγικῆς Συνομοσπονδίας. Θέματα: 1) Ἔκθεσις τῶν πεπραγμένων. 2) Ἐκλογὴ Ἐξελεγκτικῆς Ἐπιτροπῆς. 3) Ἐκλογὴ νέου Διοικητικοῦ Συμβουλίου.

Προσκαλοῦνται τὰ ταμειακῶς τακτοποιημένα μέλη τοῦ Μικρασιατικοῦ Συλλόγου Θεσσαλονίκης εἰς γενικὴν συνέλευσιν τὴν προσεχῆ Κυριακὴν 21ην τρέχοντος καὶ ὥραν 10 π.μ. ἐν τῇ αἰθούσῃ τῆς Προσφυγικῆς Συνομοσπονδίας. Θέματα: 1) Ἔκθεσις τῶν πεπραγμένων. 2) Ἐκλογὴ Ἐξελεγκτικῆς Ἐπιτροπῆς. 3) Ἐκλογὴ νέου Διοικητικοῦ Συμβουλίου. Προσκαλοῦνται τὰ ταμειακῶς τακτοποιημένα μέλη τοῦ Μικρασιατικοῦ Συλλόγου Θεσσαλονίκης εἰς γενικὴν συνέλ

Ἐκ τοῦ Γραφείου
ΕΠΑΝΑΛΗΨΙΣ ΜΕΙΟΔΟΤ. ΔΙΑΓΩΝΙΣΜΟΥ

Τὴν 21ην Φεβρουαρίου ἡμέραν Κυριακὴν καὶ ὥραν 10—12 π.μ. ἐν τῷ συνήθει τῶν δημοπρασιῶν τόπῳ ἐπαναλαμβάνεται ὁ μειοδοτικὸς διαγωνισμὸς διὰ τὴν προμήθειαν ἐπίπλων τῶν γραφείων τῆς Ἐπισκοπῆς.

Τὴν 21ην Φεβρουαρίου ἡμέραν Κυριακὴν καὶ ὥραν 10—12 π.μ. ἐν τῷ συνήθει τῶν δημοπρασιῶν τόπῳ ἐπαναλαμβάνεται ὁ μειοδοτικὸς διαγωνισμὸς διὰ τὴν προμήθειαν ἐπίπλων τῶν γραφείων τῆς Ἐπισκοπῆς. Τὴν 21ην Φεβρουαρίου ἡμέραν Κυριακὴν καὶ ὥραν 10—12 π.μ. ἐν τῷ συνήθει τῶν δημοπρασιῶν τόπῳ ἐπαναλαμβάνεται ὁ μειοδοτικὸς διαγωνισμὸς διὰ τὴν προμήθειαν ἐπίπλων τῶν γραφείων τῆς Ἐπισκοπῆς. Τὴν 21ην Φεβρουαρίου ἡμέραν Κυριακὴν καὶ ὥραν 10—12 π.μ. ἐν τῷ συνήθει τῶν δημοπρασιῶν τόπῳ ἐπαναλαμβάνεται ὁ μειοδοτικὸς

Α. Τσόκαλης
ΥΠΟΥΡΓΕΙΟΝ ΓΕΩΡΓΙΑΣ Κ.Α.Π.
ΠΡΟΚΗΡΥΞΙΣ ΔΗΜΟΠΡΑΣΙΑΣ

Τὴν 28ην Φεβρουαρίου ἐ.ἔ. ἡμέραν Κυριακὴν καὶ ὥραν 11—12 π.μ. ἐνεργηθήσεται ἐν Θεσσαλονίκῃ ἐν τῷ καταστήματι τῆς Γεωργικῆς Σχολῆς δημοπρασία διὰ τὴν πώλησιν γεωργικῶν προϊόντων.

Τὴν 28ην Φεβρουαρίου ἐ.ἔ. ἡμέραν Κυριακὴν καὶ ὥραν 11—12 π.μ. ἐνεργηθήσεται ἐν Θεσσαλονίκῃ ἐν τῷ καταστήματι τῆς Γεωργικῆς Σχολῆς δημοπρασία διὰ τὴν πώλησιν γεωργικῶν προϊόντων. Τὴν 28ην Φεβρουαρίου ἐ.ἔ. ἡμέραν Κυριακὴν καὶ ὥραν 11—12 π.μ. ἐνεργηθήσεται ἐν Θεσ

Ἐκ τοῦ Ὑπουργείου Γεωργίας

Καταθέτετε τὰς οἰκονομίας σας στὰ ταχυδρομικὰ ταμιευτήρια τοῦ κράτους μὲ τόκο 5 0/0 ἀπὸ 1—25000 δρ. ὁ καταθέτων δύναται νὰ ἐνεργῇ τὰς δοσοληψίας του εἰς τὰ 250 ταχυδρομεῖα τοῦ Κράτους.

ΑΠΟΓΕΥΜΑΤΙΝΑ ΤΗΛ/ΜΑΤΑ

ΑΘΗΝΑΙ, 17. Ὑπὸ τὴν προεδρίαν τοῦ κ. Ὑπουργοῦ συνῆλθε σήμερον τὸ Συμβούλιον Δημοσίων Ἔργων καὶ ἐξέτασε τὰς ὑποβληθείσας προσφορὰς διὰ τὴν ἀποξήρανσιν τῶν ἑλῶν τῆς Μακεδονίας. Ἡ μοίρα γυμνασίου ἀπέπλευσε σήμερον εἰς Μαραθῶνα.

ΑΘΗΝΑΙ, 17. Ὑπὸ τὴν προεδρίαν τοῦ κ. Ὑπουργοῦ συνῆλθε σήμερον τὸ Συμβούλιον Δημοσίων Ἔργων καὶ ἐξέτασε τὰς ὑποβληθείσας προσφορὰς διὰ τὴν ἀποξήρανσιν τῶν ἑλῶν τῆς Μακεδονίας. Ἡ μοίρα γυμνασίου ἀπέπλευσε σήμερον εἰς Μαραθῶνα. ΑΘΗΝΑΙ, 17. Ὑπὸ τὴν προεδρίαν τοῦ κ. Ὑπουργοῦ συνῆλθε σήμερον τὸ Συμβούλιον Δημοσίων Ἔργων καὶ ἐξέτασε τὰς ὑποβληθείσας προσφορὰς διὰ τὴν ἀποξήρανσιν τῶν ἑλῶν τῆς Μακεδονίας. Ἡ μοίρα γυμνασίου ἀπ

ΑΡΧΑΙΟΚΑΠΗΛΟΙ

Ὁ «Ἡμερήσιος Ταχυδρόμος» δημοσιεύει τὰ ἑξῆς: Ἐξ ὅλων τῶν ἐσπευσμένων κατὰ τὴν ἀπόφασιν τῶν ὁδῶν Ἐλλήνων ἀρχαιοτήτων φαίνεται ὅτι τὸ ἄγαλμα τῆς Ἀθηνᾶς ἐφυγαδεύθη εἰς τὸ ἐξωτερικόν. Τὸ Ὑπουργεῖον διέταξεν αὐστηρὰν ἀνάκρισιν διὰ τὴν ἀνακάλυψιν τῶν ἐνόχων.

Ὁ «Ἡμερήσιος Ταχυδρόμος» δημοσιεύει τὰ ἑξῆς: Ἐξ ὅλων τῶν ἐσπευσμένων κατὰ τὴν ἀπόφασιν τῶν ὁδῶν Ἐλλήνων ἀρχαιοτήτων φαίνεται ὅτι τὸ ἄγαλμα τῆς Ἀθηνᾶς ἐφυγαδεύθη εἰς τὸ ἐξωτερικόν. Τὸ Ὑπουργεῖον διέταξεν αὐστηρὰν ἀνάκρισιν διὰ τὴν ἀνακάλυψιν τῶν ἐνόχων. Ὁ «Ἡμερήσιος Ταχυδρόμος» δημοσιεύει τὰ ἑξῆς: Ἐξ ὅλων τῶν ἐσπευσμένων κατὰ τὴν ἀπόφασιν τῶν ὁδῶν Ἐλλήνων ἀρχαιοτήτων φαίνεται ὅτι τὸ ἄγαλμα τῆς Ἀθηνᾶς ἐφυγαδεύθη εἰς τὸ ἐξωτερικόν. Τὸ Ὑπουργεῖον διέταξεν αὐστηρὰν ἀνάκρισιν διὰ τὴν ἀνακάλυψιν τῶν ἐνόχων. Ὁ «Ἡμερήσιος Ταχυδρόμος» δημοσιεύει τὰ ἑξῆς: Ἐξ ὅλων τῶν ἐσπευσμένων κατὰ τὴν ἀπόφασιν τῶν ὁδῶν Ἐλλήνων ἀρχαιοτήτων φαίνεται ὅτι τὸ ἄγαλμα τῆς Ἀθηνᾶς ἐφυγαδεύθη εἰς τὸ ἐξωτερικόν. Τὸ Ὑπουργεῖον διέταξεν αὐστηρὰν ἀνάκρισιν διὰ τὴν ἀνακάλυψιν τῶν ἐνόχων. Ὁ «Ἡμερήσιος Ταχυδρόμος» δημοσιεύει τὰ ἑξῆς: Ἐξ ὅλων τῶν ἐσπευσμένων κατὰ τὴν ἀπόφασιν τῶν ὁδῶν Ἐλλήνων ἀρχαιοτήτων φαίνεται ὅτι τὸ ἄγαλμα τῆς Ἀθηνᾶς ἐφυγαδεύθη εἰς τὸ ἐξωτερικόν. Τὸ Ὑπουργεῖον διέταξεν αὐστηρὰν ἀνάκρισιν διὰ τὴν ἀνακάλυψιν τῶν ἐνόχων. Ὁ «Ἡμερήσιος Ταχυδρόμος» δημοσιεύει τὰ ἑξῆς: Ἐξ ὅλων τῶν ἐσπευσμένων κατὰ τὴν ἀπόφασιν τῶν ὁδῶν Ἐλλήνων ἀρχαιοτήτων φαίνεται ὅτι τὸ ἄγαλμα τῆς Ἀθηνᾶς ἐφυγαδεύθη εἰς τὸ ἐξωτερικόν. Τὸ Ὑπουργεῖον διέταξεν αὐστηρὰν ἀνάκρισιν διὰ τὴν ἀνακάλυψιν τῶν ἐνόχων. Ὁ «Ἡμερήσιος Ταχυδρόμος» δημοσιεύει

Τὸ Πάρισι στὴ Σκλαβική Θεσσαλονίκης
ΠΑΡΙΣΙ!

Μέσα σ' ἕνα θέαμα ὀνειρῶδες θὰ χάρετε ἕνα ταξίδι ἴσως ἐκεῖ ποῦ θὰ σᾶς ὁδηγήσει ἡ ταινία. Ἡ ἐκτίμησις θὰ γίνῃ ἡ προσεχῆ Δευτέραν.

ΔΑΝΙΑΣ ΖΕΝΣΕΝ ΠΙΤΙΑ
Διὰ ΤΡΙΑ
ΠΟΙΟΤΗΣ ΕΞΑΙΡΕΤΙΚΗ ΤΙΜΑΙ ΕΡΓΟΣΤΑΣΙΟΥ ΔΙΑΡΚΗΣ ΠΑΡΑΚΑΤΑΘΗΚΗ ΕΙΣ ΚΥΤΙΑ (21/2, 25, 50, 100 γραμ.)
ΕΙΣ ΚΑΡΑΜΕΛΛΑΣ
Γεν. Ἀντιπρόσωπος
Α. ΜΠΡΟΥΜΗΣ
ΑΘΗΝΑΙ—Ἀδριανοῦ 70
PUBLIBURO
ΧΑΡΤΟΝΟΜΙΣΜΑ ΑΚΕΡΑΙΟΝ
Διὰ καταθέσεις ΕΠΙ ΠΡΟΘΕΣΜΙΑ ἀποδοτέας εἰς ΝΕΟΝ ΝΟΜΙΣΜΑ
Δέχεται ἡ
ΕΜΠΟΡΙΚΗ ΤΡΑΠΕΖΑ ΤΗΣ ΕΛΛΑΔΟΣ
Ὁδὸς Βερροίας ἀρ. 4. Ὅροι κανόνων συμ.
ΚΛΙΝΙΚΗ ΑΦΡΟΔΙΣΙΩΝ ΚΑΙ ΩΤΟΡΙΝΟΛΑΡΥΓΓΟΛΟΓΙΚΗ
(ΑΓΙΑΣ ΣΟΦΙΑΣ 21)
ΙΑΤΡ. Γ. ΖΟΥΡΑΡΗ

Ἐπανελθὼν ἐκ τῶν Εὐρωπαϊκῶν κέντρων ἐπανήρχισε τὰς ἐπισκέψεις. Ἀκτινογραφίαι, ἀκτινοθεραπεία καὶ ἠλεκτροθεραπεία. Ὧραι ἐπισκέψεων 9—12 π.μ. καὶ 4—8 μ.μ. Δι' ἀπόρους δωρεάν.
